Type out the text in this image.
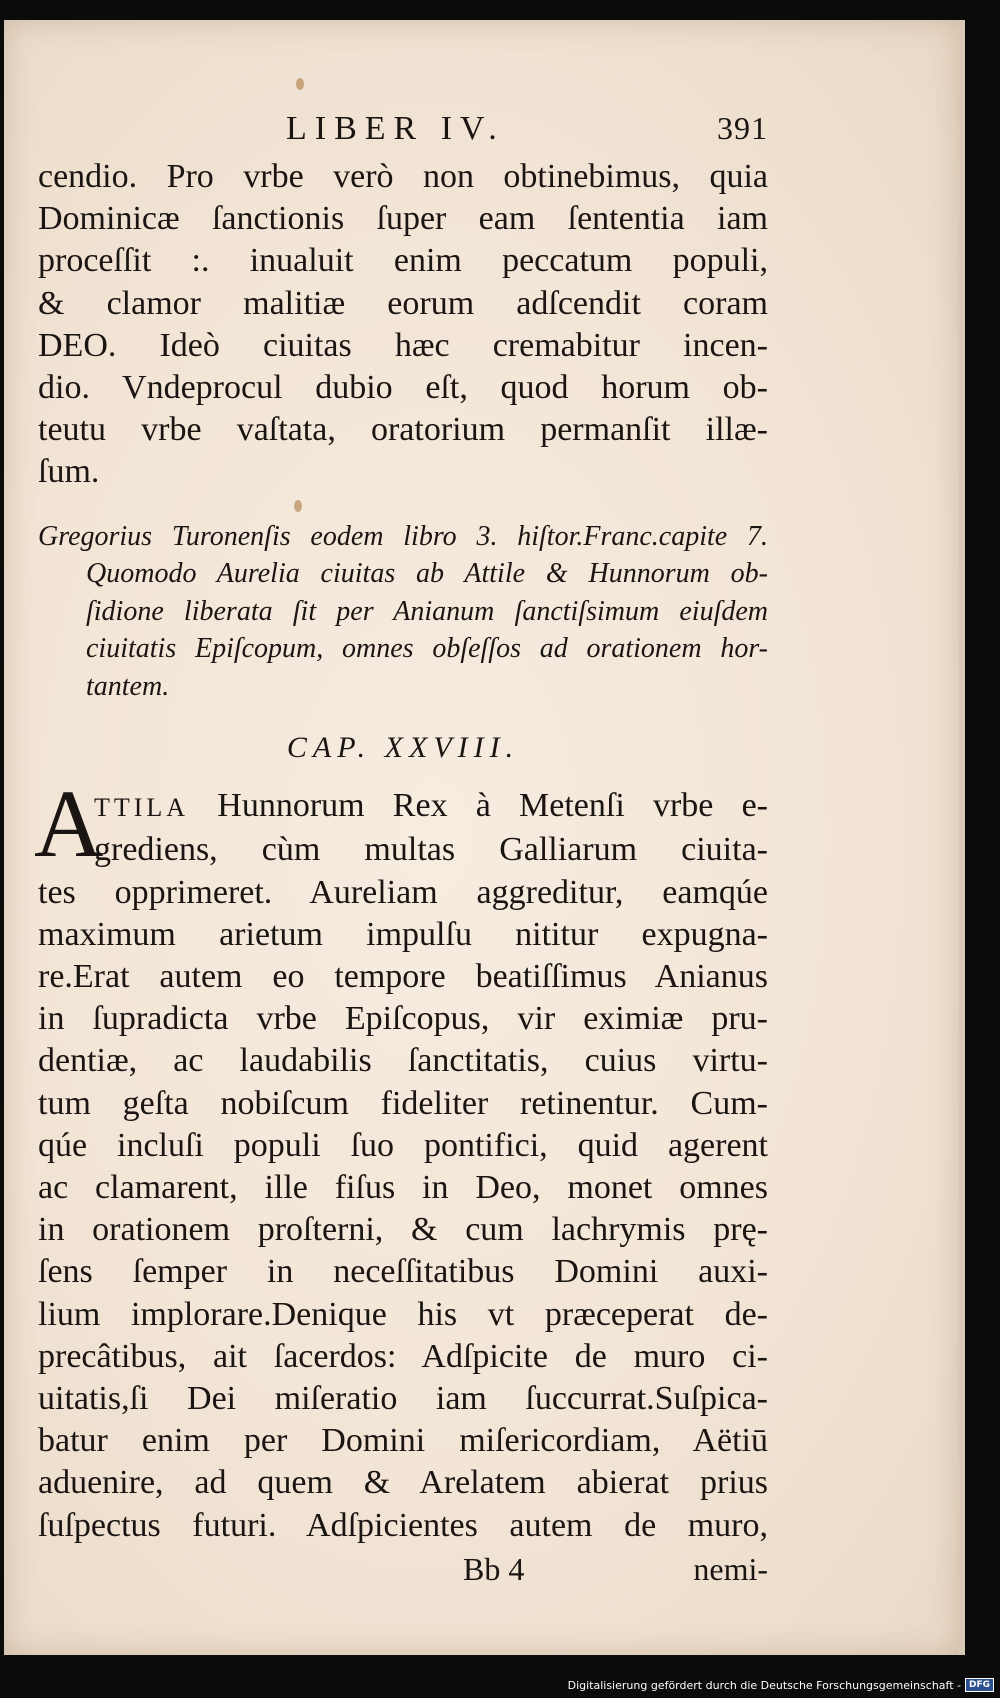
LIBER IV.	391

cendio. Pro vrbe verò non obtinebimus, quia
Dominicæ ſanctionis ſuper eam ſententia iam
proceſſit :. inualuit enim peccatum populi,
& clamor malitiæ eorum adſcendit coram
DEO. Ideò ciuitas hæc cremabitur incen-
dio. Vndeprocul dubio eſt, quod horum ob-
teutu vrbe vaſtata, oratorium permanſit illæ-
ſum.

Gregorius Turonenſis eodem libro 3. hiſtor.Franc.capite 7.
Quomodo Aurelia ciuitas ab Attile & Hunnorum ob-
ſidione liberata ſit per Anianum ſanctiſsimum eiuſdem
ciuitatis Epiſcopum, omnes obſeſſos ad orationem hor-
tantem.

CAP. XXVIII.
A
TTILA Hunnorum Rex à Metenſi vrbe e-
grediens, cùm multas Galliarum ciuita-
tes opprimeret. Aureliam aggreditur, eamqúe
maximum arietum impulſu nititur expugna-
re.Erat autem eo tempore beatiſſimus Anianus
in ſupradicta vrbe Epiſcopus, vir eximiæ pru-
dentiæ, ac laudabilis ſanctitatis, cuius virtu-
tum geſta nobiſcum fideliter retinentur. Cum-
qúe incluſi populi ſuo pontifici, quid agerent
ac clamarent, ille fiſus in Deo, monet omnes
in orationem proſterni, & cum lachrymis prę-
ſens ſemper in neceſſitatibus Domini auxi-
lium implorare.Denique his vt præceperat de-
precâtibus, ait ſacerdos: Adſpicite de muro ci-
uitatis,ſi Dei miſeratio iam ſuccurrat.Suſpica-
batur enim per Domini miſericordiam, Aëtiū
aduenire, ad quem & Arelatem abierat prius
ſuſpectus futuri. Adſpicientes autem de muro,
Bb 4	nemi-
Digitalisierung gefördert durch die Deutsche Forschungsgemeinschaft - DFG
